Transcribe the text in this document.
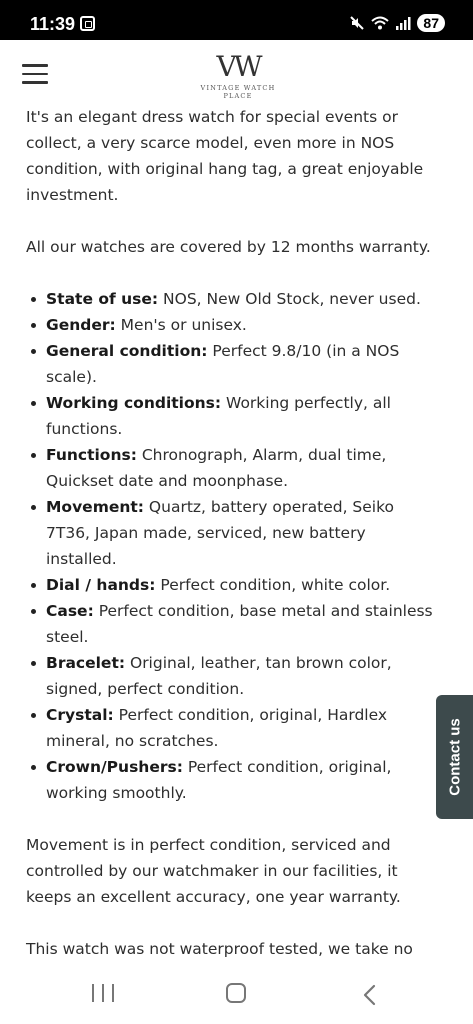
11:39	87
VW
VINTAGE WATCH PLACE

It's an elegant dress watch for special events or collect, a very scarce model, even more in NOS condition, with original hang tag, a great enjoyable investment.

All our watches are covered by 12 months warranty.

State of use: NOS, New Old Stock, never used.
Gender: Men's or unisex.
General condition: Perfect 9.8/10 (in a NOS scale).
Working conditions: Working perfectly, all functions.
Functions: Chronograph, Alarm, dual time, Quickset date and moonphase.
Movement: Quartz, battery operated, Seiko 7T36, Japan made, serviced, new battery installed.
Dial / hands: Perfect condition, white color.
Case: Perfect condition, base metal and stainless steel.
Bracelet: Original, leather, tan brown color, signed, perfect condition.
Crystal: Perfect condition, original, Hardlex mineral, no scratches.
Crown/Pushers: Perfect condition, original, working smoothly.

Movement is in perfect condition, serviced and controlled by our watchmaker in our facilities, it keeps an excellent accuracy, one year warranty.

This watch was not waterproof tested, we take no

Contact us
